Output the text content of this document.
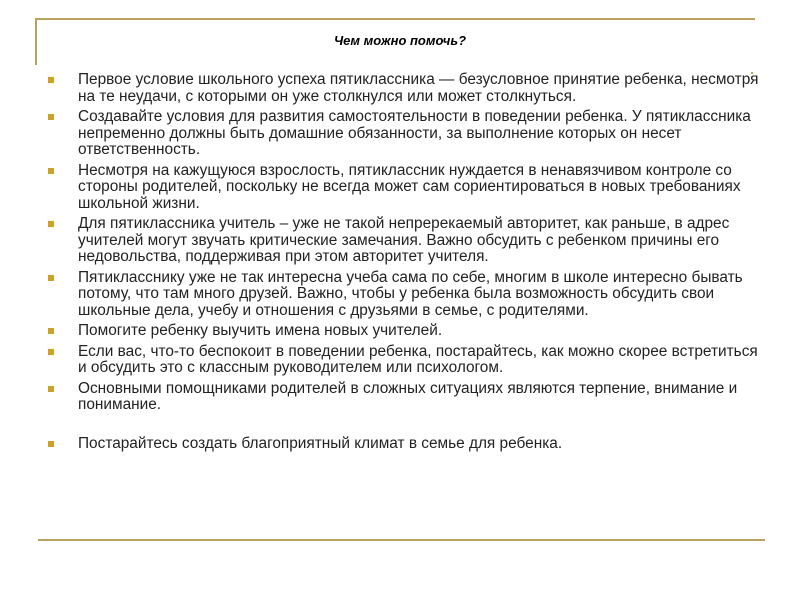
Чем можно помочь?
Первое условие школьного успеха пятиклассника — безусловное принятие ребенка, несмотря на те неудачи, с которыми он уже столкнулся или может столкнуться.
Создавайте условия для развития самостоятельности в поведении ребенка. У пятиклассника непременно должны быть домашние обязанности, за выполнение которых он несет ответственность.
Несмотря на кажущуюся взрослость, пятиклассник нуждается в ненавязчивом контроле со стороны родителей, поскольку не всегда может сам сориентироваться в новых требованиях школьной жизни.
Для пятиклассника учитель – уже не такой непререкаемый авторитет, как раньше, в адрес учителей могут звучать критические замечания. Важно обсудить с ребенком причины его недовольства, поддерживая при этом авторитет учителя.
Пятикласснику уже не так интересна учеба сама по себе, многим в школе интересно бывать потому, что там много друзей. Важно, чтобы у ребенка была возможность обсудить свои школьные дела, учебу и отношения с друзьями в семье, с родителями.
Помогите ребенку выучить имена новых учителей.
Если вас, что-то беспокоит в поведении ребенка, постарайтесь, как можно скорее встретиться и обсудить это с классным руководителем или психологом.
Основными помощниками родителей в сложных ситуациях являются терпение, внимание и понимание.
Постарайтесь создать благоприятный климат в семье для ребенка.
